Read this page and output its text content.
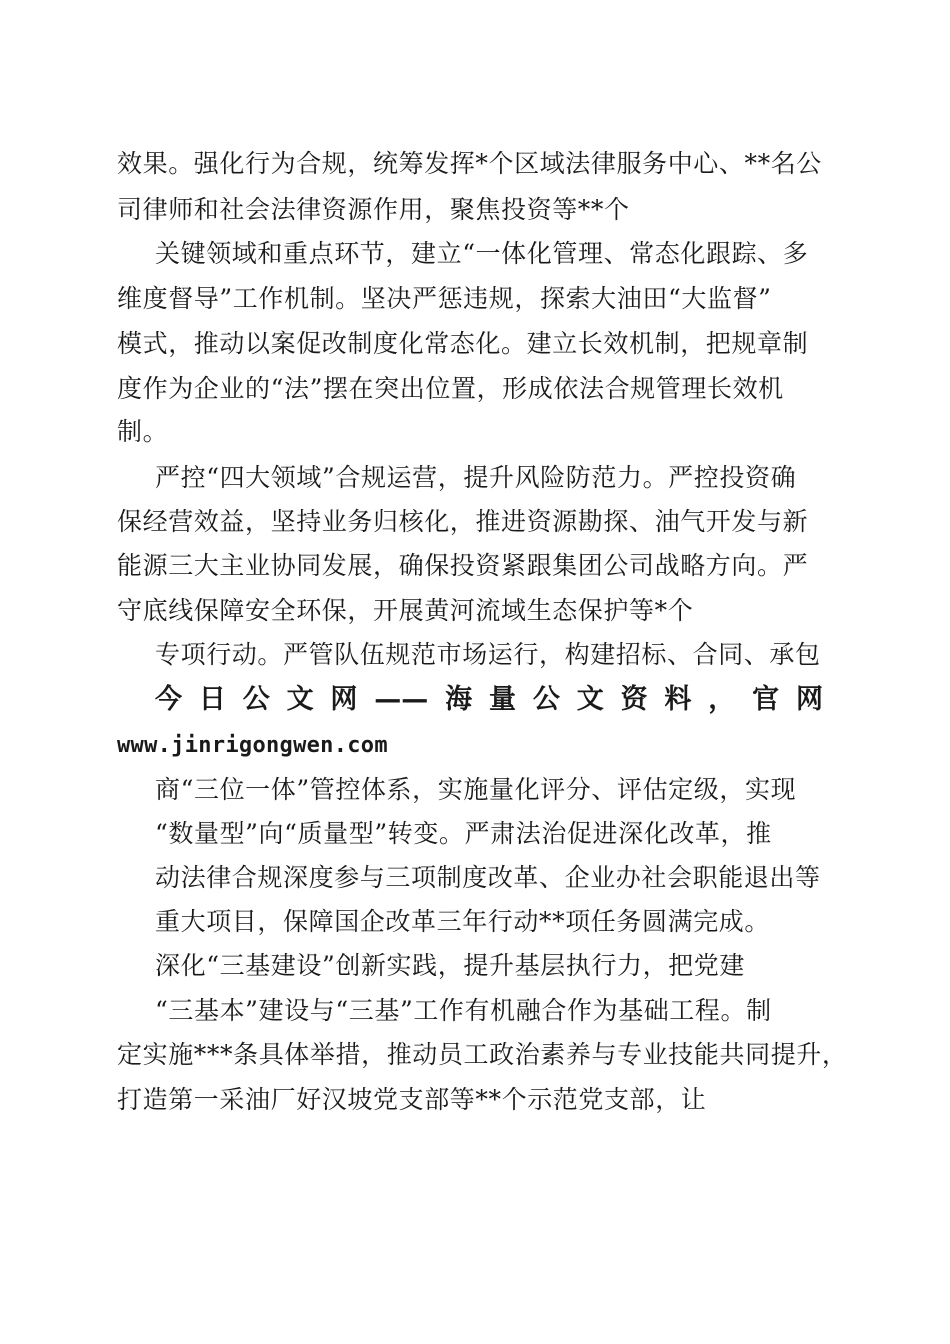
效果。强化行为合规，统筹发挥*个区域法律服务中心、**名公
司律师和社会法律资源作用，聚焦投资等**个
关键领域和重点环节，建立“一体化管理、常态化跟踪、多
维度督导”工作机制。坚决严惩违规，探索大油田“大监督”
模式，推动以案促改制度化常态化。建立长效机制，把规章制
度作为企业的“法”摆在突出位置，形成依法合规管理长效机
制。
严控“四大领域”合规运营，提升风险防范力。严控投资确
保经营效益，坚持业务归核化，推进资源勘探、油气开发与新
能源三大主业协同发展，确保投资紧跟集团公司战略方向。严
守底线保障安全环保，开展黄河流域生态保护等*个
专项行动。严管队伍规范市场运行，构建招标、合同、承包
今日公文网——海量公文资料，官网
www.jinrigongwen.com
商“三位一体”管控体系，实施量化评分、评估定级，实现
“数量型”向“质量型”转变。严肃法治促进深化改革，推
动法律合规深度参与三项制度改革、企业办社会职能退出等
重大项目，保障国企改革三年行动**项任务圆满完成。
深化“三基建设”创新实践，提升基层执行力，把党建
“三基本”建设与“三基”工作有机融合作为基础工程。制
定实施***条具体举措，推动员工政治素养与专业技能共同提升，
打造第一采油厂好汉坡党支部等**个示范党支部，让
